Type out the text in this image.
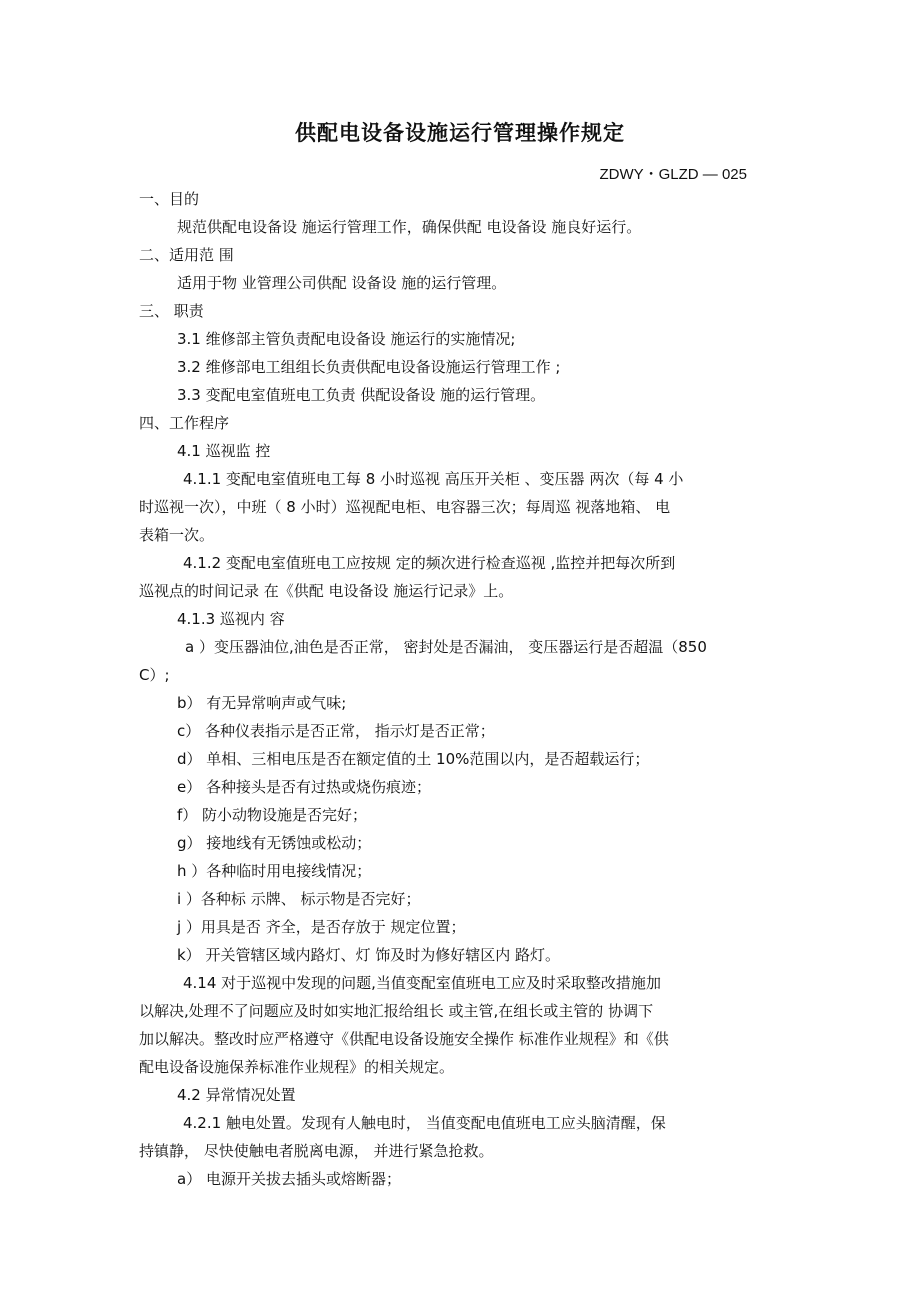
供配电设备设施运行管理操作规定
ZDWY・GLZD — 025
一、目的
规范供配电设备设 施运行管理工作，确保供配 电设备设 施良好运行。
二、适用范 围
适用于物 业管理公司供配 设备设 施的运行管理。
三、 职责
3.1 维修部主管负责配电设备设 施运行的实施情况;
3.2 维修部电工组组长负责供配电设备设施运行管理工作 ;
3.3 变配电室值班电工负责 供配设备设 施的运行管理。
四、工作程序
4.1 巡视监 控
4.1.1 变配电室值班电工每 8 小时巡视 高压开关柜 、变压器 两次（每 4 小
时巡视一次），中班（ 8 小时）巡视配电柜、电容器三次；每周巡 视落地箱、 电
表箱一次。
4.1.2 变配电室值班电工应按规 定的频次进行检查巡视 ,监控并把每次所到
巡视点的时间记录 在《供配 电设备设 施运行记录》上。
4.1.3 巡视内 容
a ）变压器油位,油色是否正常， 密封处是否漏油， 变压器运行是否超温（850
C）;
b） 有无异常响声或气味;
c） 各种仪表指示是否正常， 指示灯是否正常；
d） 单相、三相电压是否在额定值的土 10%范围以内，是否超载运行；
e） 各种接头是否有过热或烧伤痕迹；
f） 防小动物设施是否完好；
g） 接地线有无锈蚀或松动；
h ）各种临时用电接线情况；
i ）各种标 示牌、 标示物是否完好；
j ）用具是否 齐全，是否存放于 规定位置；
k） 开关管辖区域内路灯、灯 饰及时为修好辖区内 路灯。
4.14 对于巡视中发现的问题,当值变配室值班电工应及时采取整改措施加
以解决,处理不了问题应及时如实地汇报给组长 或主管,在组长或主管的 协调下
加以解决。整改时应严格遵守《供配电设备设施安全操作 标准作业规程》和《供
配电设备设施保养标准作业规程》的相关规定。
4.2 异常情况处置
4.2.1 触电处置。发现有人触电时， 当值变配电值班电工应头脑清醒，保
持镇静， 尽快使触电者脱离电源， 并进行紧急抢救。
a） 电源开关拔去插头或熔断器；
